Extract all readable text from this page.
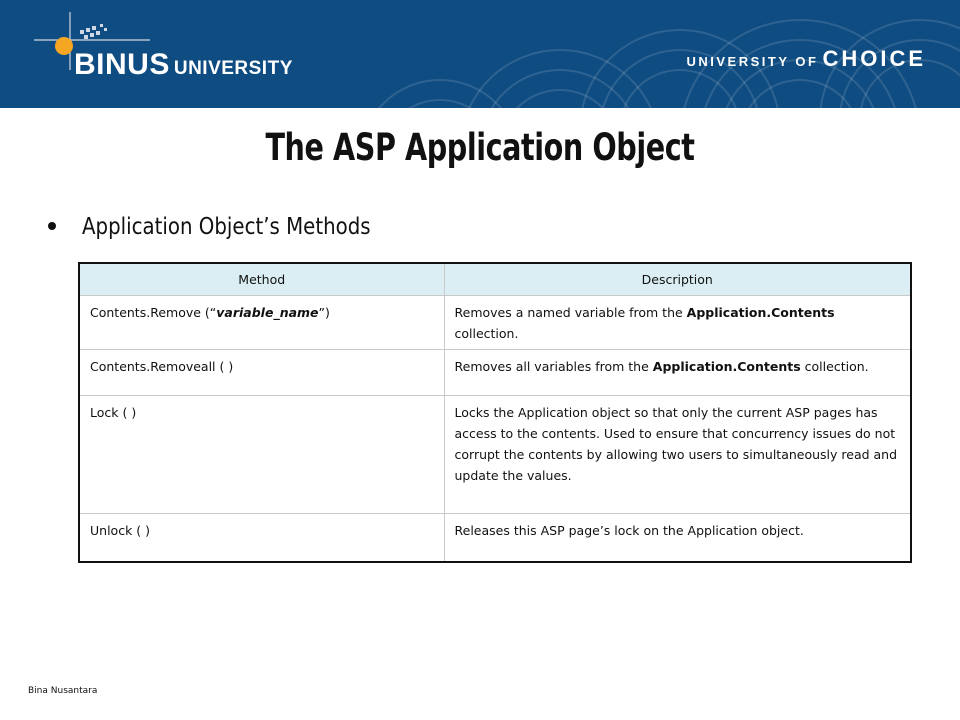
BINUS UNIVERSITY	UNIVERSITY OF CHOICE
The ASP Application Object
Application Object’s Methods
Method	Description
Contents.Remove (“variable_name”)	Removes a named variable from the Application.Contents collection.
Contents.Removeall ( )	Removes all variables from the Application.Contents collection.
Lock ( )	Locks the Application object so that only the current ASP pages has access to the contents. Used to ensure that concurrency issues do not corrupt the contents by allowing two users to simultaneously read and update the values.
Unlock ( )	Releases this ASP page’s lock on the Application object.
Bina Nusantara
